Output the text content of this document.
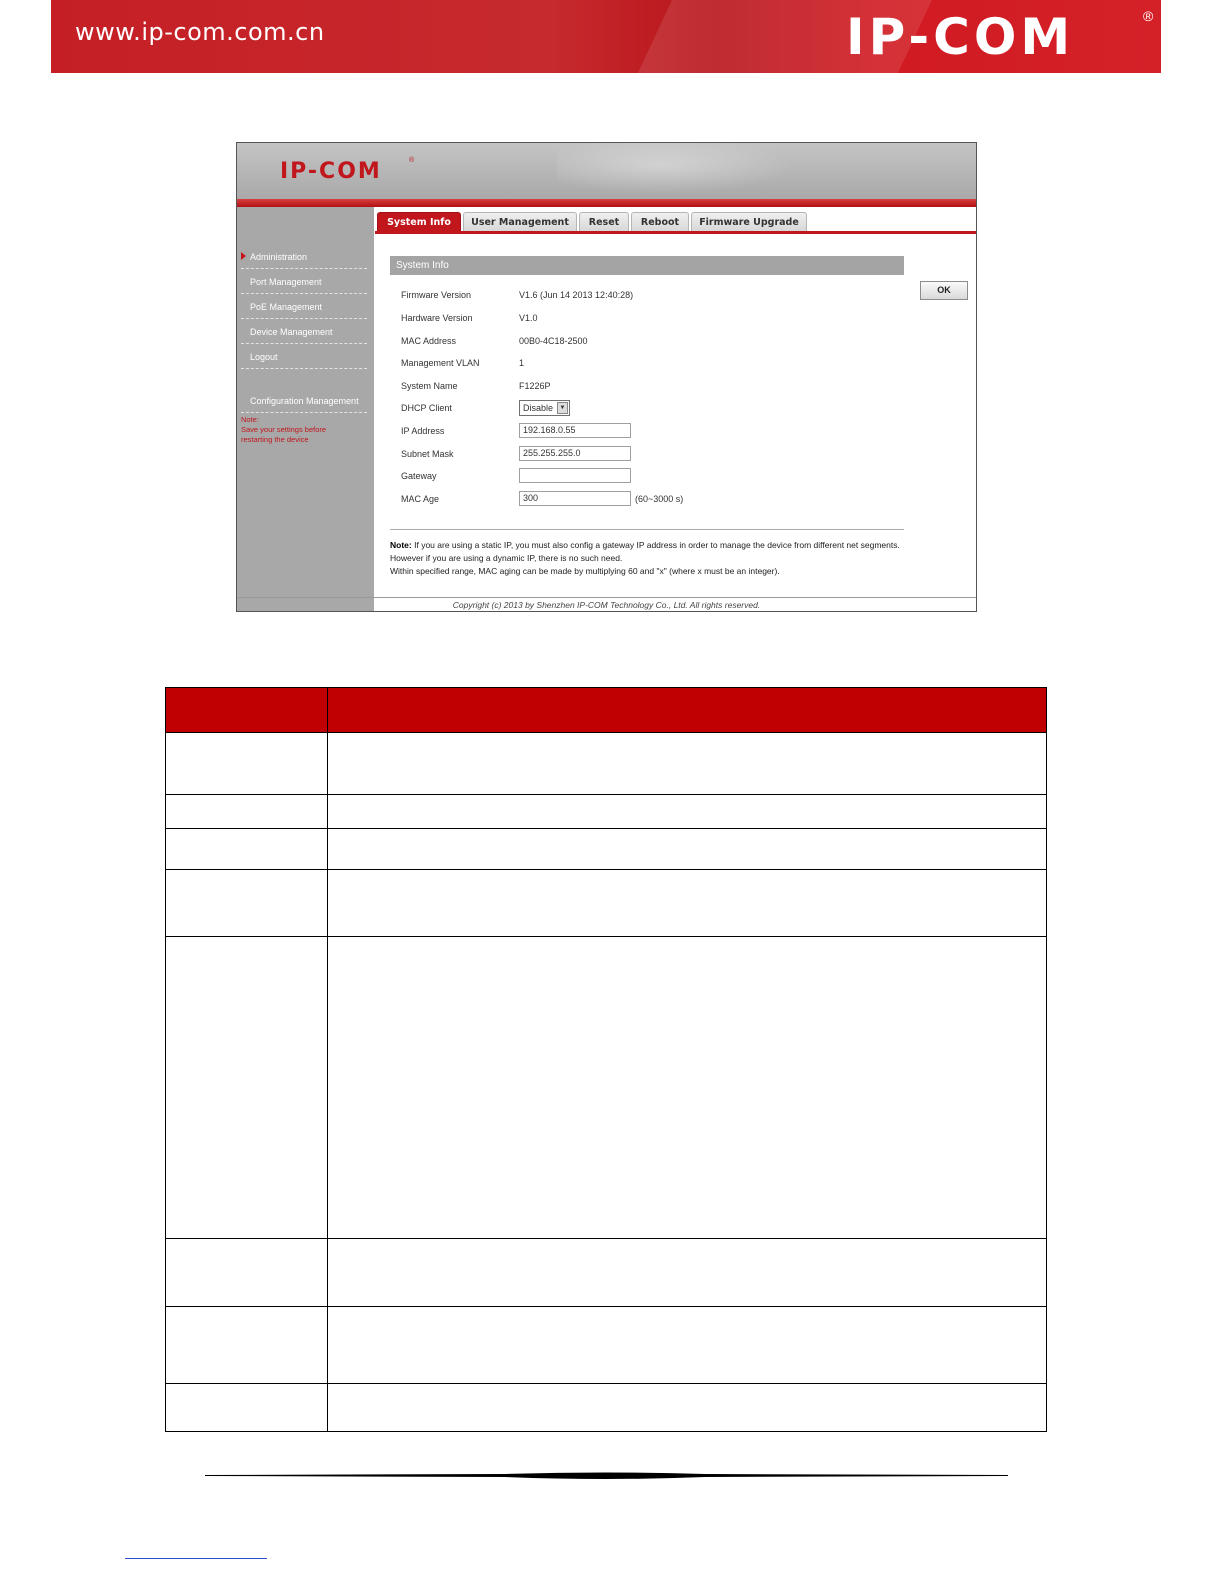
www.ip-com.com.cn	IP-COM	®
IP-COM	®
Administration
Port Management
PoE Management
Device Management
Logout
Configuration Management
Note:
Save your settings before restarting the device
System Info	User Management	Reset	Reboot	Firmware Upgrade
System Info
OK
Firmware Version	V1.6 (Jun 14 2013 12:40:28)
Hardware Version	V1.0
MAC Address	00B0-4C18-2500
Management VLAN	1
System Name	F1226P
DHCP Client	Disable	▼
IP Address	192.168.0.55
Subnet Mask	255.255.255.0
Gateway
MAC Age	300	(60~3000 s)
Note: If you are using a static IP, you must also config a gateway IP address in order to manage the device from different net segments. However if you are using a dynamic IP, there is no such need.
Within specified range, MAC aging can be made by multiplying 60 and "x" (where x must be an integer).
Copyright (c) 2013 by Shenzhen IP-COM Technology Co., Ltd. All rights reserved.
